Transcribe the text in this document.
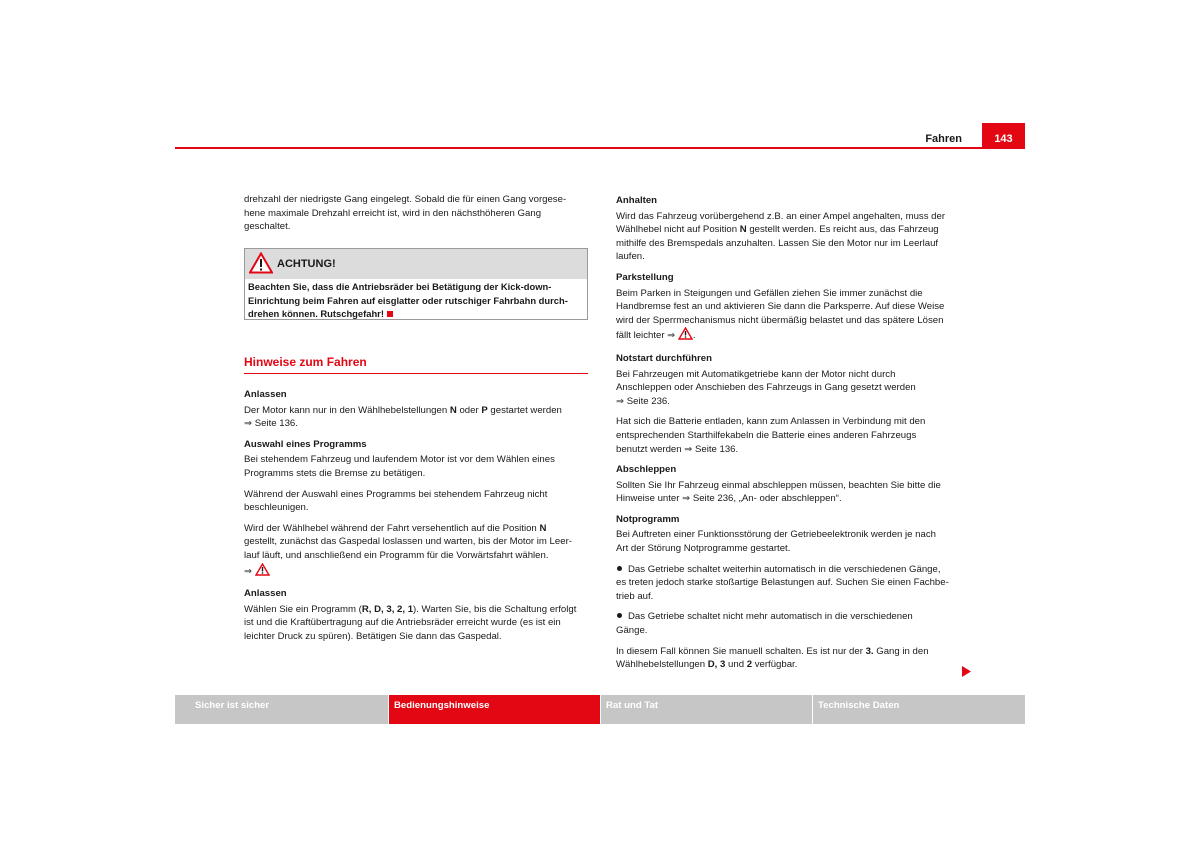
Fahren	143
drehzahl der niedrigste Gang eingelegt. Sobald die für einen Gang vorgese-
hene maximale Drehzahl erreicht ist, wird in den nächsthöheren Gang
geschaltet.
ACHTUNG!
Beachten Sie, dass die Antriebsräder bei Betätigung der Kick-down-
Einrichtung beim Fahren auf eisglatter oder rutschiger Fahrbahn durch-
drehen können. Rutschgefahr!
Hinweise zum Fahren
Anlassen

Der Motor kann nur in den Wählhebelstellungen N oder P gestartet werden
⇒ Seite 136.

Auswahl eines Programms

Bei stehendem Fahrzeug und laufendem Motor ist vor dem Wählen eines
Programms stets die Bremse zu betätigen.

Während der Auswahl eines Programms bei stehendem Fahrzeug nicht
beschleunigen.

Wird der Wählhebel während der Fahrt versehentlich auf die Position N
gestellt, zunächst das Gaspedal loslassen und warten, bis der Motor im Leer-
lauf läuft, und anschließend ein Programm für die Vorwärtsfahrt wählen.
⇒

Anlassen

Wählen Sie ein Programm (R, D, 3, 2, 1). Warten Sie, bis die Schaltung erfolgt
ist und die Kraftübertragung auf die Antriebsräder erreicht wurde (es ist ein
leichter Druck zu spüren). Betätigen Sie dann das Gaspedal.

Anhalten

Wird das Fahrzeug vorübergehend z.B. an einer Ampel angehalten, muss der
Wählhebel nicht auf Position N gestellt werden. Es reicht aus, das Fahrzeug
mithilfe des Bremspedals anzuhalten. Lassen Sie den Motor nur im Leerlauf
laufen.

Parkstellung

Beim Parken in Steigungen und Gefällen ziehen Sie immer zunächst die
Handbremse fest an und aktivieren Sie dann die Parksperre. Auf diese Weise
wird der Sperrmechanismus nicht übermäßig belastet und das spätere Lösen
fällt leichter ⇒ .

Notstart durchführen

Bei Fahrzeugen mit Automatikgetriebe kann der Motor nicht durch
Anschleppen oder Anschieben des Fahrzeugs in Gang gesetzt werden
⇒ Seite 236.

Hat sich die Batterie entladen, kann zum Anlassen in Verbindung mit den
entsprechenden Starthilfekabeln die Batterie eines anderen Fahrzeugs
benutzt werden ⇒ Seite 136.

Abschleppen

Sollten Sie Ihr Fahrzeug einmal abschleppen müssen, beachten Sie bitte die
Hinweise unter ⇒ Seite 236, „An- oder abschleppen“.

Notprogramm

Bei Auftreten einer Funktionsstörung der Getriebeelektronik werden je nach
Art der Störung Notprogramme gestartet.

Das Getriebe schaltet weiterhin automatisch in die verschiedenen Gänge,
es treten jedoch starke stoßartige Belastungen auf. Suchen Sie einen Fachbe-
trieb auf.

Das Getriebe schaltet nicht mehr automatisch in die verschiedenen
Gänge.

In diesem Fall können Sie manuell schalten. Es ist nur der 3. Gang in den
Wählhebelstellungen D, 3 und 2 verfügbar.

Sicher ist sicher	Bedienungshinweise	Rat und Tat	Technische Daten
